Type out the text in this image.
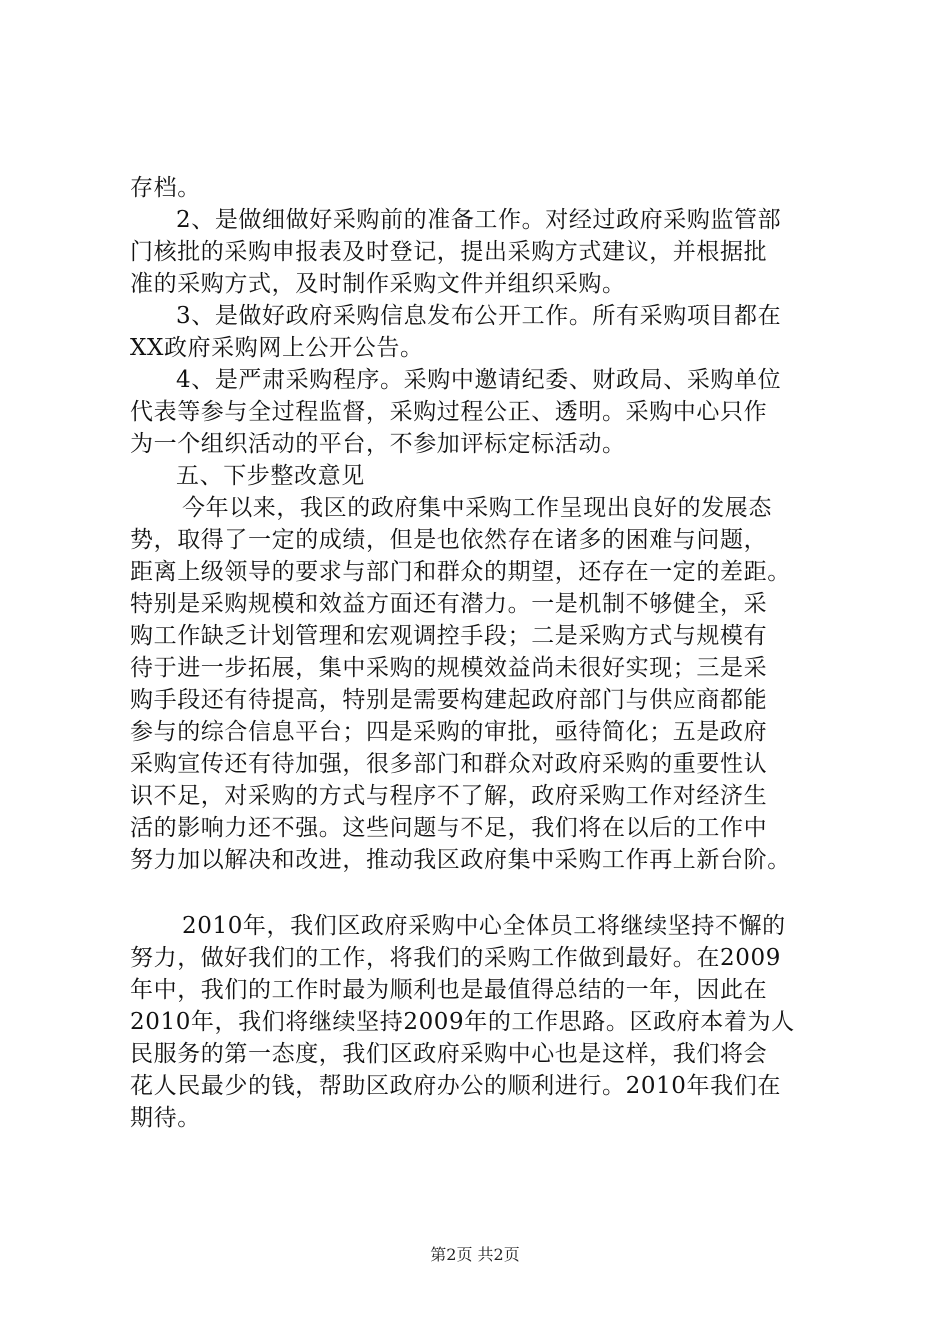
存档。
2、是做细做好采购前的准备工作。对经过政府采购监管部
门核批的采购申报表及时登记，提出采购方式建议，并根据批
准的采购方式，及时制作采购文件并组织采购。
3、是做好政府采购信息发布公开工作。所有采购项目都在
XX政府采购网上公开公告。
4、是严肃采购程序。采购中邀请纪委、财政局、采购单位
代表等参与全过程监督，采购过程公正、透明。采购中心只作
为一个组织活动的平台，不参加评标定标活动。
五、下步整改意见
今年以来，我区的政府集中采购工作呈现出良好的发展态
势，取得了一定的成绩，但是也依然存在诸多的困难与问题，
距离上级领导的要求与部门和群众的期望，还存在一定的差距。
特别是采购规模和效益方面还有潜力。一是机制不够健全，采
购工作缺乏计划管理和宏观调控手段；二是采购方式与规模有
待于进一步拓展，集中采购的规模效益尚未很好实现；三是采
购手段还有待提高，特别是需要构建起政府部门与供应商都能
参与的综合信息平台；四是采购的审批，亟待简化；五是政府
采购宣传还有待加强，很多部门和群众对政府采购的重要性认
识不足，对采购的方式与程序不了解，政府采购工作对经济生
活的影响力还不强。这些问题与不足，我们将在以后的工作中
努力加以解决和改进，推动我区政府集中采购工作再上新台阶。
2010年，我们区政府采购中心全体员工将继续坚持不懈的
努力，做好我们的工作，将我们的采购工作做到最好。在2009
年中，我们的工作时最为顺利也是最值得总结的一年，因此在
2010年，我们将继续坚持2009年的工作思路。区政府本着为人
民服务的第一态度，我们区政府采购中心也是这样，我们将会
花人民最少的钱，帮助区政府办公的顺利进行。2010年我们在
期待。
第2页 共2页
